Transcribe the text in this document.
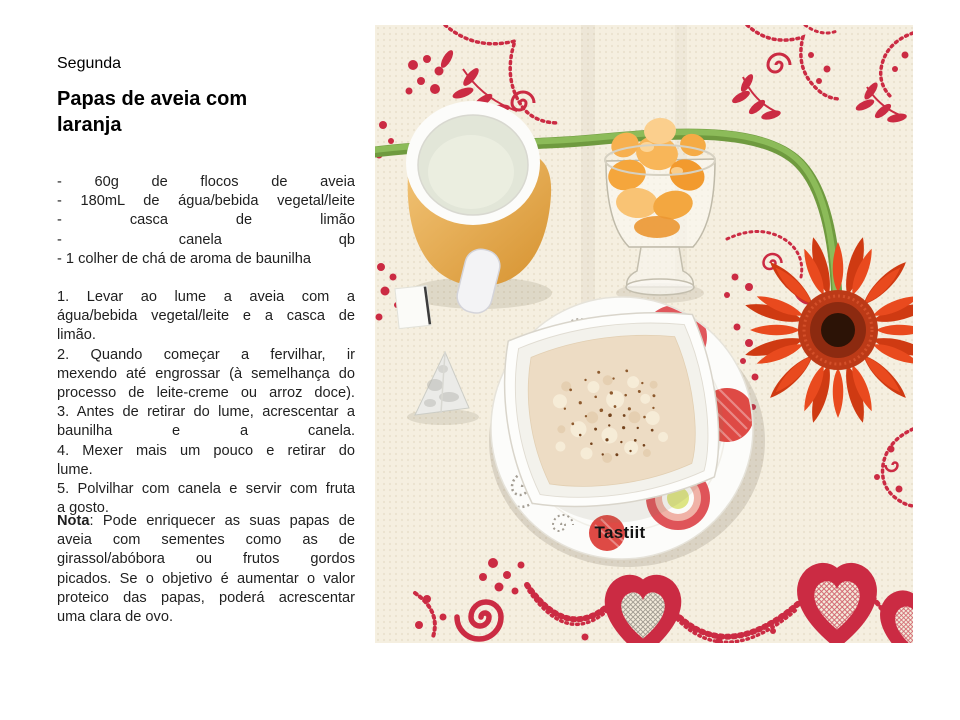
Segunda
Papas de aveia com
laranja
- 60g de flocos de aveia
- 180mL de água/bebida vegetal/leite
- casca de limão
- canela qb
- 1 colher de chá de aroma de baunilha
1. Levar ao lume a aveia com a
água/bebida vegetal/leite e a casca de
limão.
2. Quando começar a fervilhar, ir
mexendo até engrossar (à semelhança do
processo de leite-creme ou arroz doce).
3. Antes de retirar do lume, acrescentar a
baunilha e a canela.
4. Mexer mais um pouco e retirar do
lume.
5. Polvilhar com canela e servir com fruta
a gosto.
Nota: Pode enriquecer as suas papas de
aveia com sementes como as de
girassol/abóbora ou frutos gordos
picados. Se o objetivo é aumentar o valor
proteico das papas, poderá acrescentar
uma clara de ovo.
Tastiit
